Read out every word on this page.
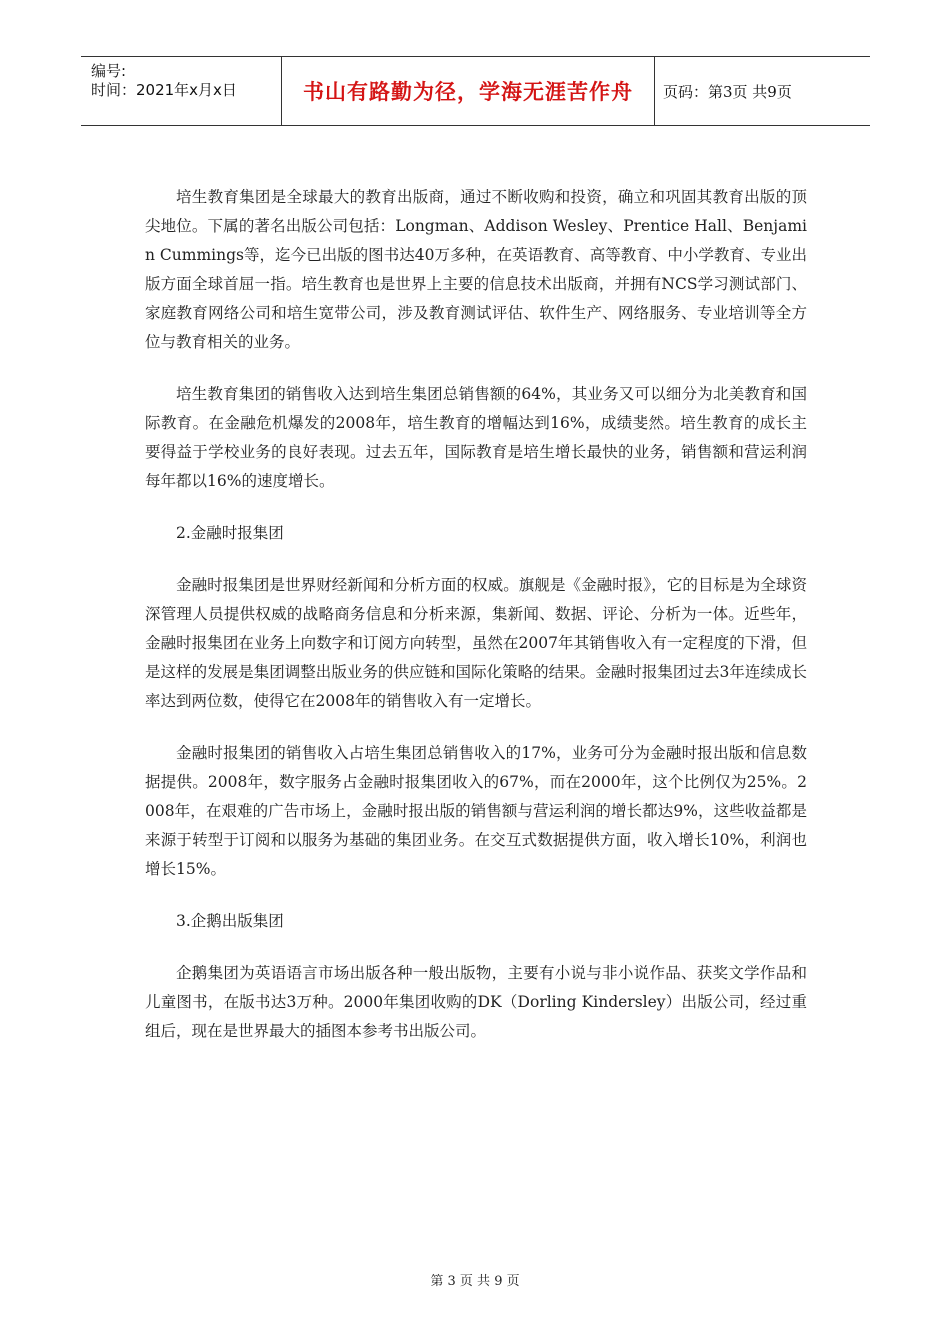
编号:
时间：2021年x月x日	书山有路勤为径，学海无涯苦作舟	页码：第3页 共9页

培生教育集团是全球最大的教育出版商，通过不断收购和投资，确立和巩固其教育出版的顶尖地位。下属的著名出版公司包括：Longman、Addison Wesley、Prentice Hall、Benjamin Cummings等，迄今已出版的图书达40万多种，在英语教育、高等教育、中小学教育、专业出版方面全球首屈一指。培生教育也是世界上主要的信息技术出版商，并拥有NCS学习测试部门、家庭教育网络公司和培生宽带公司，涉及教育测试评估、软件生产、网络服务、专业培训等全方位与教育相关的业务。

培生教育集团的销售收入达到培生集团总销售额的64%，其业务又可以细分为北美教育和国际教育。在金融危机爆发的2008年，培生教育的增幅达到16%，成绩斐然。培生教育的成长主要得益于学校业务的良好表现。过去五年，国际教育是培生增长最快的业务，销售额和营运利润每年都以16%的速度增长。

2.金融时报集团

金融时报集团是世界财经新闻和分析方面的权威。旗舰是《金融时报》，它的目标是为全球资深管理人员提供权威的战略商务信息和分析来源，集新闻、数据、评论、分析为一体。近些年，金融时报集团在业务上向数字和订阅方向转型，虽然在2007年其销售收入有一定程度的下滑，但是这样的发展是集团调整出版业务的供应链和国际化策略的结果。金融时报集团过去3年连续成长率达到两位数，使得它在2008年的销售收入有一定增长。

金融时报集团的销售收入占培生集团总销售收入的17%，业务可分为金融时报出版和信息数据提供。2008年，数字服务占金融时报集团收入的67%，而在2000年，这个比例仅为25%。2008年，在艰难的广告市场上，金融时报出版的销售额与营运利润的增长都达9%，这些收益都是来源于转型于订阅和以服务为基础的集团业务。在交互式数据提供方面，收入增长10%，利润也增长15%。

3.企鹅出版集团

企鹅集团为英语语言市场出版各种一般出版物，主要有小说与非小说作品、获奖文学作品和儿童图书，在版书达3万种。2000年集团收购的DK（Dorling Kindersley）出版公司，经过重组后，现在是世界最大的插图本参考书出版公司。

第 3 页 共 9 页
